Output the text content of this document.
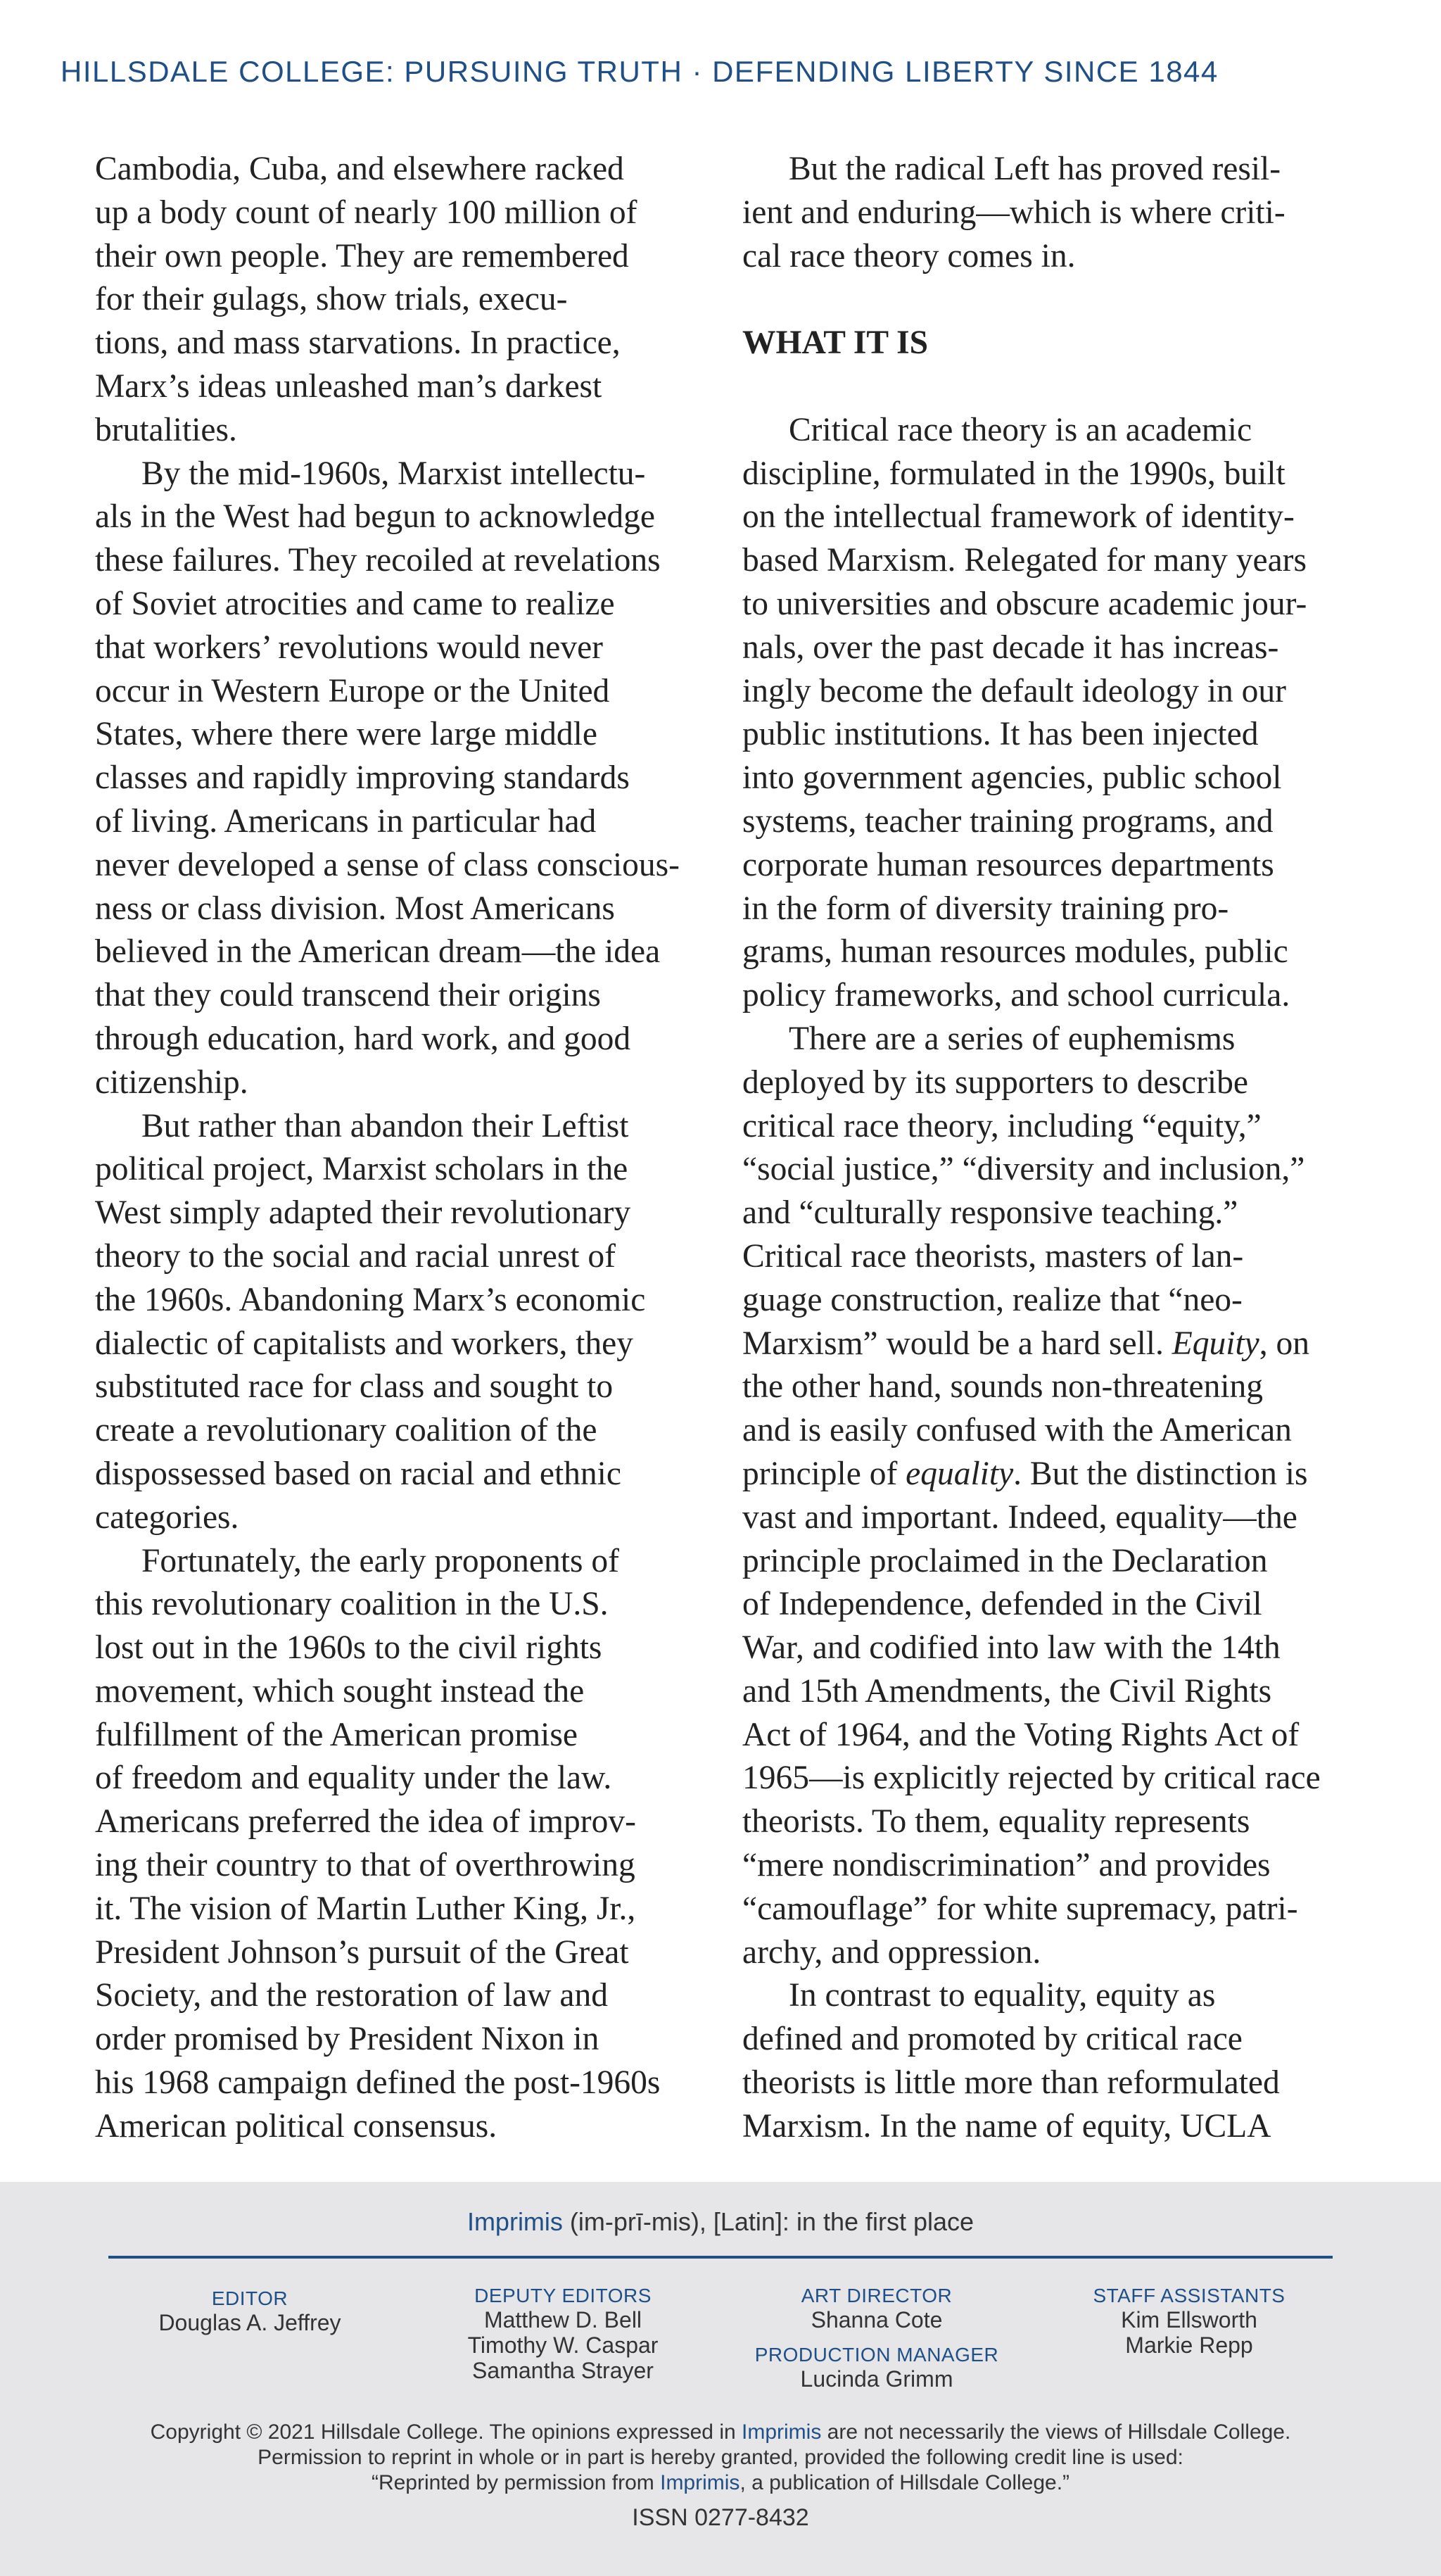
HILLSDALE COLLEGE: PURSUING TRUTH · DEFENDING LIBERTY SINCE 1844

Cambodia, Cuba, and elsewhere racked
up a body count of nearly 100 million of
their own people. They are remembered
for their gulags, show trials, execu-
tions, and mass starvations. In practice,
Marx’s ideas unleashed man’s darkest
brutalities.

By the mid-1960s, Marxist intellectu-
als in the West had begun to acknowledge
these failures. They recoiled at revelations
of Soviet atrocities and came to realize
that workers’ revolutions would never
occur in Western Europe or the United
States, where there were large middle
classes and rapidly improving standards
of living. Americans in particular had
never developed a sense of class conscious-
ness or class division. Most Americans
believed in the American dream—the idea
that they could transcend their origins
through education, hard work, and good
citizenship.

But rather than abandon their Leftist
political project, Marxist scholars in the
West simply adapted their revolutionary
theory to the social and racial unrest of
the 1960s. Abandoning Marx’s economic
dialectic of capitalists and workers, they
substituted race for class and sought to
create a revolutionary coalition of the
dispossessed based on racial and ethnic
categories.

Fortunately, the early proponents of
this revolutionary coalition in the U.S.
lost out in the 1960s to the civil rights
movement, which sought instead the
fulfillment of the American promise
of freedom and equality under the law.
Americans preferred the idea of improv-
ing their country to that of overthrowing
it. The vision of Martin Luther King, Jr.,
President Johnson’s pursuit of the Great
Society, and the restoration of law and
order promised by President Nixon in
his 1968 campaign defined the post-1960s
American political consensus.

But the radical Left has proved resil-
ient and enduring—which is where criti-
cal race theory comes in.

WHAT IT IS

Critical race theory is an academic
discipline, formulated in the 1990s, built
on the intellectual framework of identity-
based Marxism. Relegated for many years
to universities and obscure academic jour-
nals, over the past decade it has increas-
ingly become the default ideology in our
public institutions. It has been injected
into government agencies, public school
systems, teacher training programs, and
corporate human resources departments
in the form of diversity training pro-
grams, human resources modules, public
policy frameworks, and school curricula.

There are a series of euphemisms
deployed by its supporters to describe
critical race theory, including “equity,”
“social justice,” “diversity and inclusion,”
and “culturally responsive teaching.”
Critical race theorists, masters of lan-
guage construction, realize that “neo-
Marxism” would be a hard sell. Equity, on
the other hand, sounds non-threatening
and is easily confused with the American
principle of equality. But the distinction is
vast and important. Indeed, equality—the
principle proclaimed in the Declaration
of Independence, defended in the Civil
War, and codified into law with the 14th
and 15th Amendments, the Civil Rights
Act of 1964, and the Voting Rights Act of
1965—is explicitly rejected by critical race
theorists. To them, equality represents
“mere nondiscrimination” and provides
“camouflage” for white supremacy, patri-
archy, and oppression.

In contrast to equality, equity as
defined and promoted by critical race
theorists is little more than reformulated
Marxism. In the name of equity, UCLA

Imprimis (im-prī-mis), [Latin]: in the first place
EDITOR
Douglas A. Jeffrey
DEPUTY EDITORS
Matthew D. Bell
Timothy W. Caspar
Samantha Strayer
ART DIRECTOR
Shanna Cote
PRODUCTION MANAGER
Lucinda Grimm
STAFF ASSISTANTS
Kim Ellsworth
Markie Repp
Copyright © 2021 Hillsdale College. The opinions expressed in Imprimis are not necessarily the views of Hillsdale College.
Permission to reprint in whole or in part is hereby granted, provided the following credit line is used:
“Reprinted by permission from Imprimis, a publication of Hillsdale College.”
ISSN 0277-8432
